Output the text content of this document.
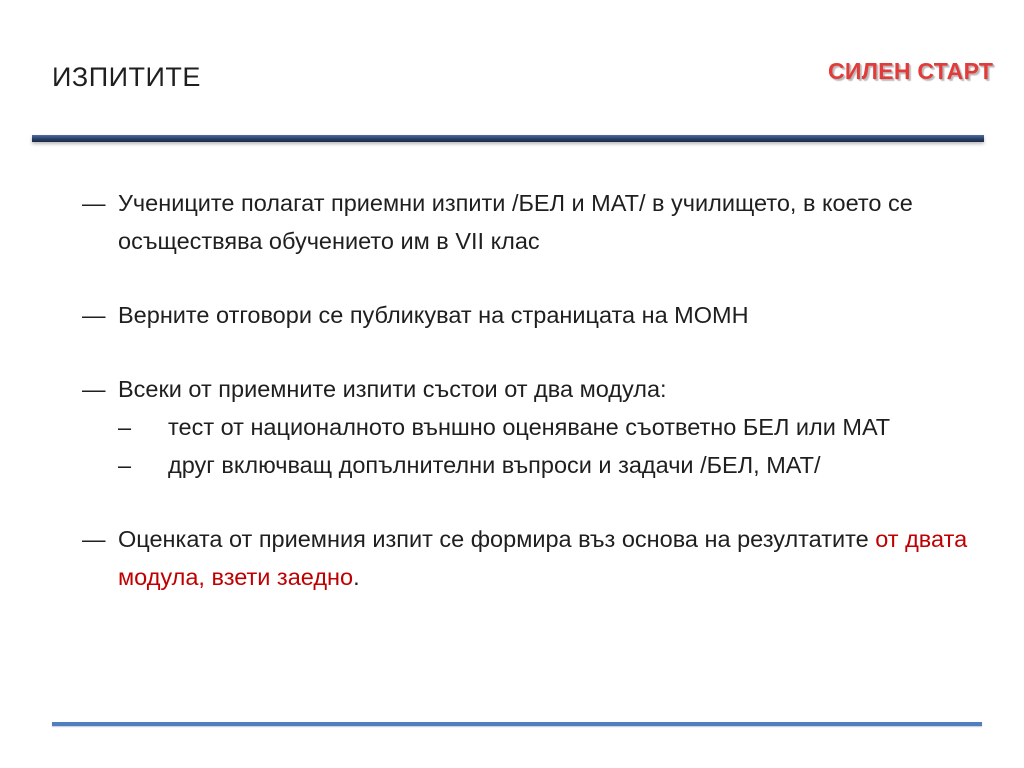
ИЗПИТИТЕ	СИЛЕН СТАРТ
— Учениците полагат приемни изпити /БЕЛ и МАТ/ в училището, в което се осъществява обучението им в VII клас
— Верните отговори се публикуват на страницата на МОМН
— Всеки от приемните изпити състои от два модула:
– тест от националното външно оценяване съответно БЕЛ или МАТ
– друг включващ допълнителни въпроси и задачи /БЕЛ, МАТ/
— Оценката от приемния изпит се формира въз основа на резултатите от двата модула, взети заедно.
